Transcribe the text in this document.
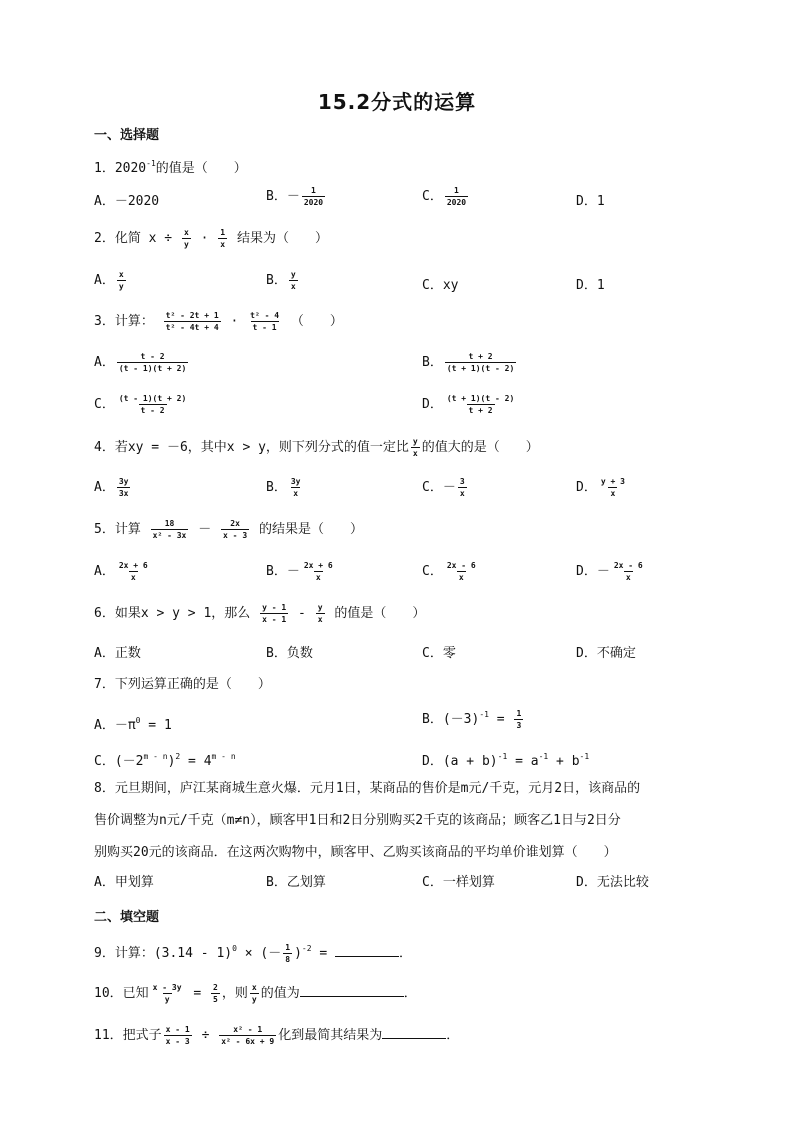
15.2分式的运算
一、选择题
1．$2020^{-1}$的值是（　　）
A．－2020	B．－ $\frac{1}{2020}$	C． $\frac{1}{2020}$	D．1
2．化简 $x \div \frac{x}{y} \cdot \frac{1}{x}$ 结果为（　　）
A． $\frac{x}{y}$	B． $\frac{y}{x}$	C．xy	D．1
3．计算： $\frac{\text{t² - 2t + 1}}{\text{t² - 4t + 4}} \cdot \frac{\text{t² - 4}}{t - 1}$ （　　）
A． $\frac{t - 2}{(t - 1)(t + 2)}$	B． $\frac{t + 2}{(t + 1)(t - 2)}$
C． $\frac{(t - 1)(t + 2)}{t - 2}$	D． $\frac{(t + 1)(t - 2)}{t + 2}$
4．若xy = －6，其中x > y，则下列分式的值一定比 $\frac{y}{x}$ 的值大的是（　　）
A． $\frac{3y}{3x}$	B． $\frac{3y}{x}$	C．－ $\frac{3}{x}$	D． $\frac{y + 3}{x}$
5．计算 $\frac{18}{\text{x² - 3x}} - \frac{2x}{x - 3}$ 的结果是（　　）
A． $\frac{2x + 6}{x}$	B．－ $\frac{2x + 6}{x}$	C． $\frac{2x - 6}{x}$	D．－ $\frac{2x - 6}{x}$
6．如果x > y > 1，那么 $\frac{y - 1}{x - 1} - \frac{y}{x}$ 的值是（　　）
A．正数	B．负数	C．零	D．不确定
7．下列运算正确的是（　　）
A．$-\pi^0 = 1$	B．$(-3)^{-1} = \frac{1}{3}$
C．$(-2^{m - n})^2 = 4^{m - n}$	D．$(a + b)^{-1} = a^{-1} + b^{-1}$
8．元旦期间，庐江某商城生意火爆．元月1日，某商品的售价是m元/千克，元月2日，该商品的
售价调整为n元/千克（m≠n），顾客甲1日和2日分别购买2千克的该商品；顾客乙1日与2日分
别购买20元的该商品．在这两次购物中，顾客甲、乙购买该商品的平均单价谁划算（　　）
A．甲划算	B．乙划算	C．一样划算	D．无法比较
二、填空题
9．计算：(3.14 - 1)$^0$ × (－ $\frac{1}{8} )^{-2}$ =	．
10．已知 $\frac{x - 3y}{y} = \frac{2}{5}$ ，则 $\frac{x}{y}$ 的值为	．
11．把式子 $\frac{x - 1}{x - 3} \div \frac{\text{x² - 1}}{\text{x² - 6x + 9}}$ 化到最简其结果为	．
